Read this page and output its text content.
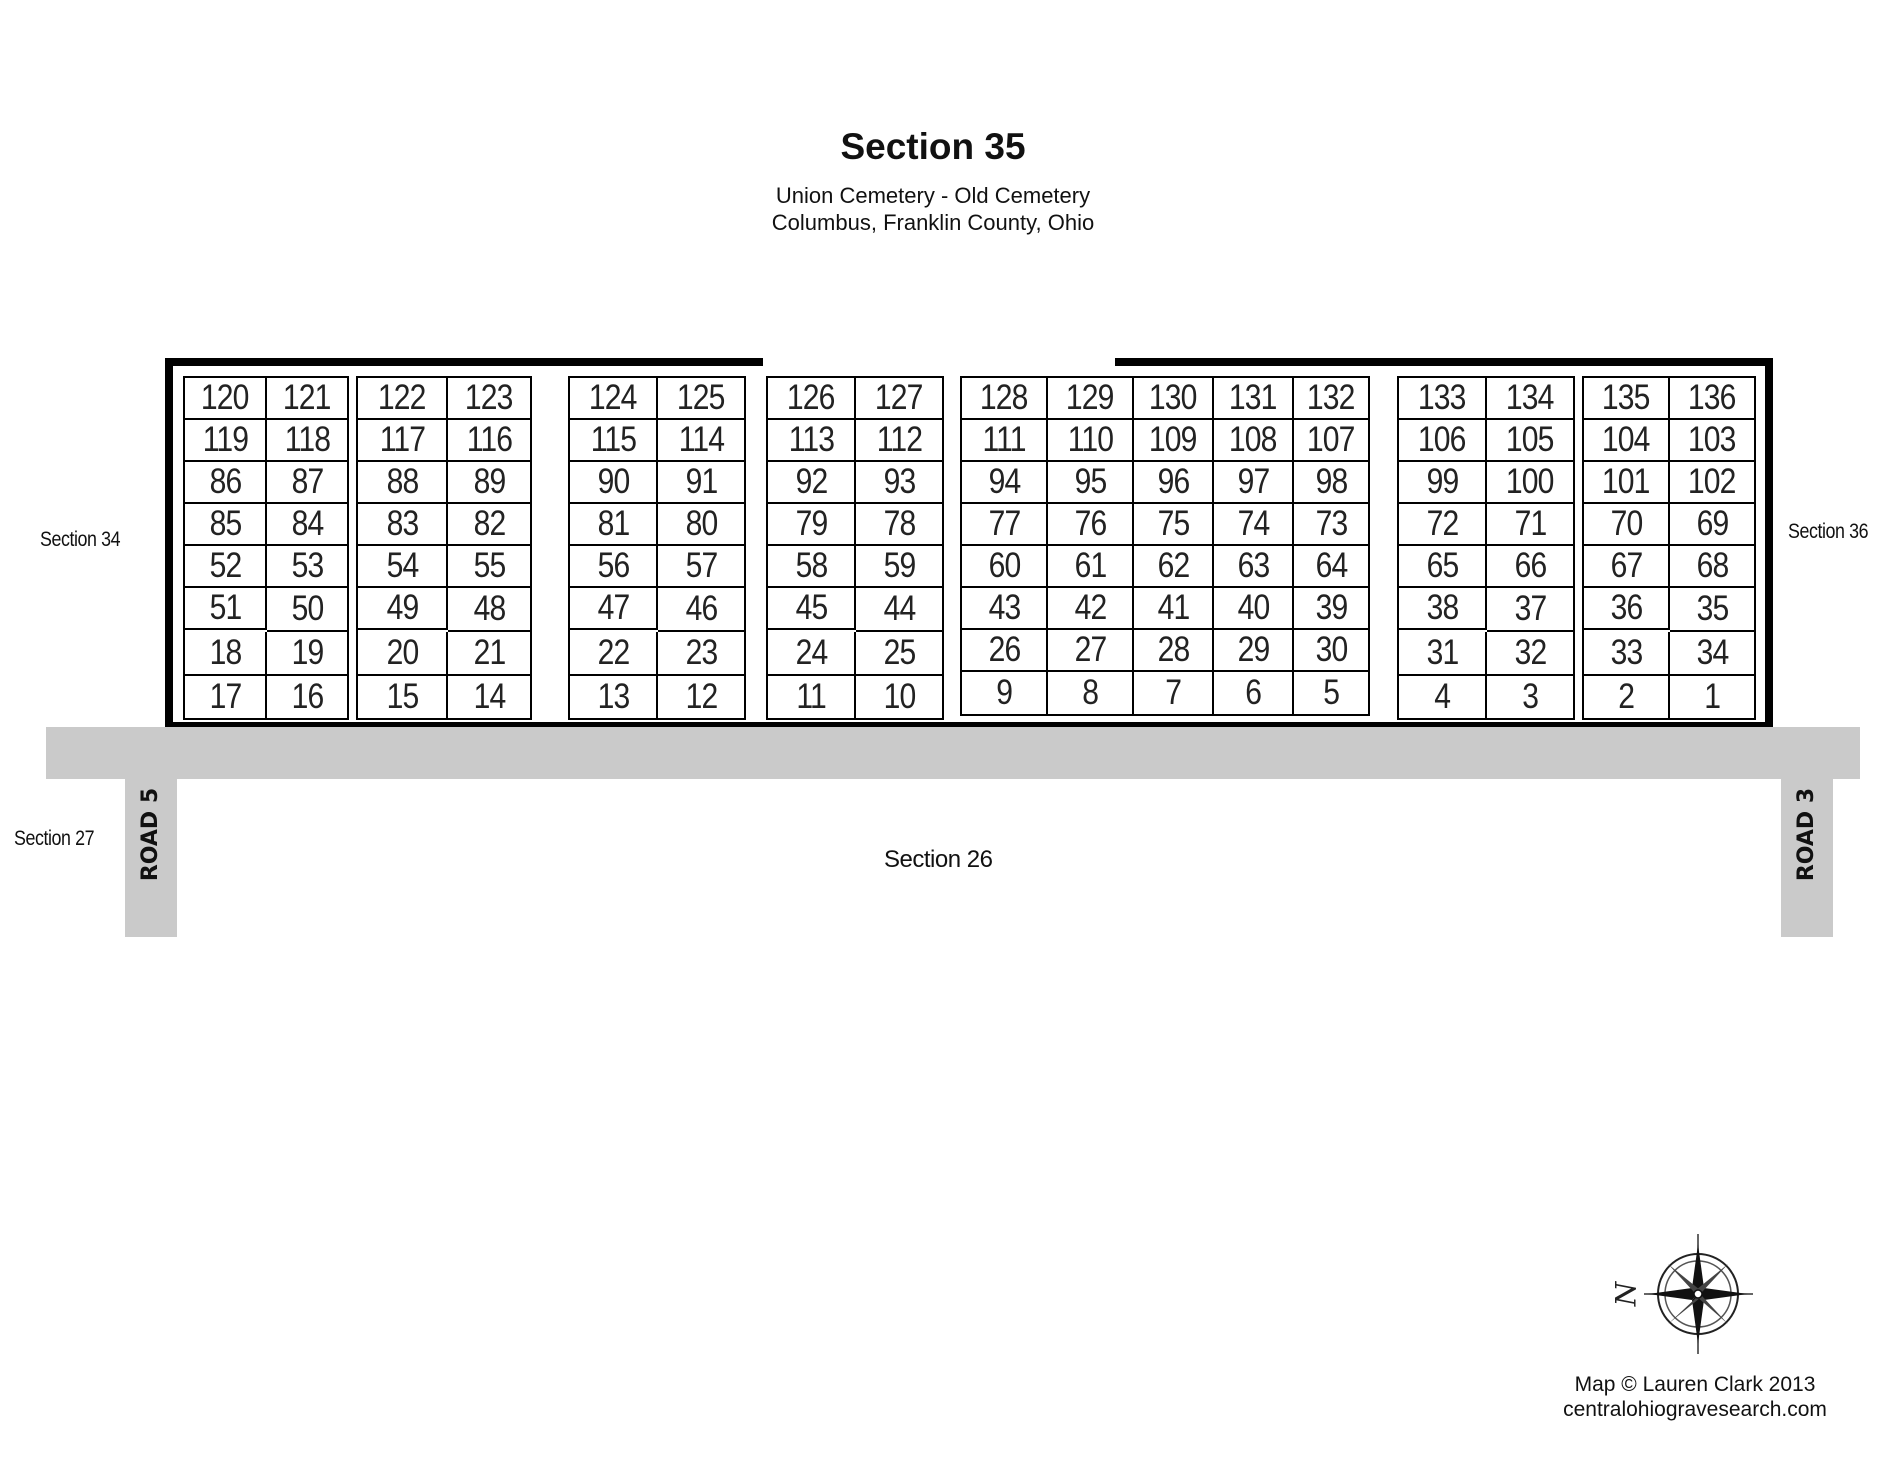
Section 35
Union Cemetery - Old Cemetery
Columbus, Franklin County, Ohio
Section 34	Section 36
120 121
119 118
86 87
85 84
52 53
51 50
18 19
17 16
122 123
117 116
88 89
83 82
54 55
49 48
20 21
15 14
124 125
115 114
90 91
81 80
56 57
47 46
22 23
13 12
126 127
113 112
92 93
79 78
58 59
45 44
24 25
11 10
128 129 130 131 132
111 110 109 108 107
94 95 96 97 98
77 76 75 74 73
60 61 62 63 64
43 42 41 40 39
26 27 28 29 30
9 8 7 6 5
133 134
106 105
99 100
72 71
65 66
38 37
31 32
4 3
135 136
104 103
101 102
70 69
67 68
36 35
33 34
2 1
ROAD 5	ROAD 3
Section 27
Section 26
N
Map © Lauren Clark 2013
centralohiogravesearch.com
